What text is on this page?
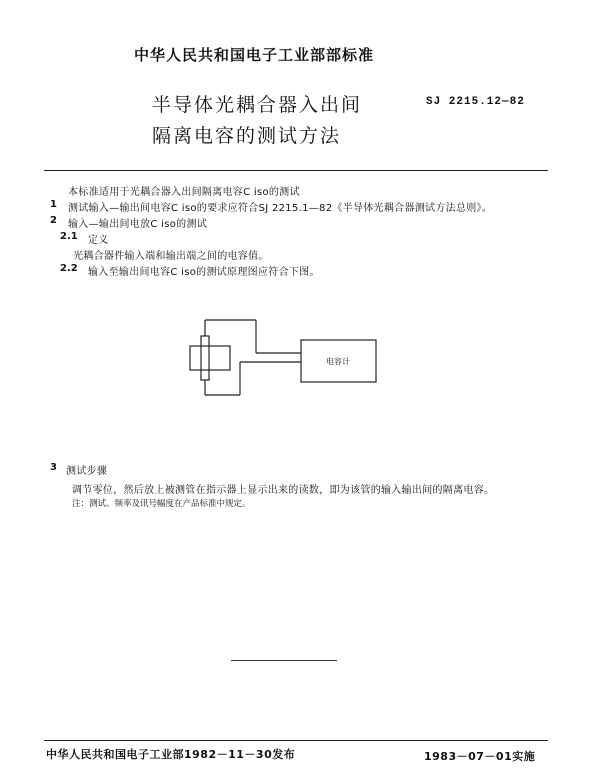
中华人民共和国电子工业部部标准
半导体光耦合器入出间
隔离电容的测试方法
SJ 2215.12—82
本标准适用于光耦合器入出间隔离电容C iso的测试
1 测试输入—输出间电容C iso的要求应符合SJ 2215.1—82《半导体光耦合器测试方法总则》。
2 输入—输出间电放C iso的测试
2.1 定义
光耦合器件输入端和输出端之间的电容值。
2.2 输入至输出间电容C iso的测试原理图应符合下图。
电容计
3 测试步骤
调节零位，然后放上被测管在指示器上显示出来的读数，即为该管的输入输出间的隔离电容。
注：测试、频率及讯号幅度在产品标准中规定。
中华人民共和国电子工业部1982－11－30发布	1983－07－01实施
